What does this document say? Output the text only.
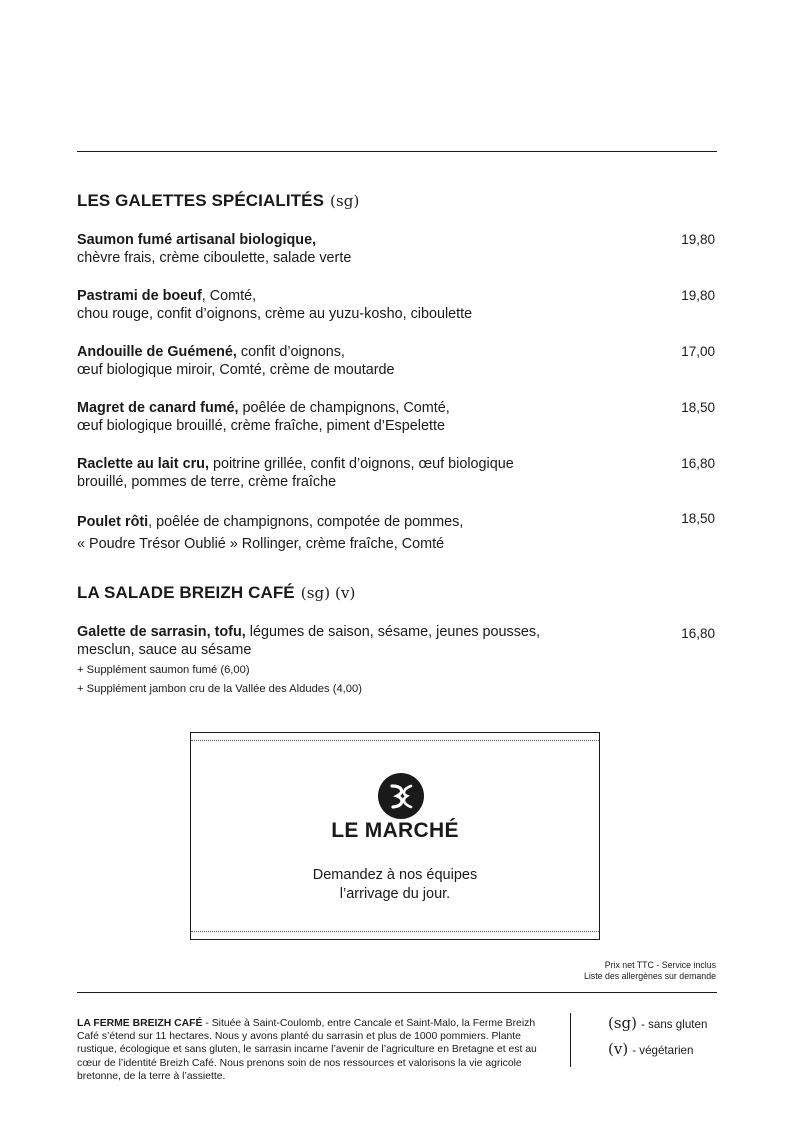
LES GALETTES SPÉCIALITÉS (sg)
Saumon fumé artisanal biologique,
chèvre frais, crème ciboulette, salade verte
19,80
Pastrami de boeuf, Comté,
chou rouge, confit d’oignons, crème au yuzu-kosho, ciboulette
19,80
Andouille de Guémené, confit d’oignons,
œuf biologique miroir, Comté, crème de moutarde
17,00
Magret de canard fumé, poêlée de champignons, Comté,
œuf biologique brouillé, crème fraîche, piment d’Espelette
18,50
Raclette au lait cru, poitrine grillée, confit d’oignons, œuf biologique
brouillé, pommes de terre, crème fraîche
16,80
Poulet rôti, poêlée de champignons, compotée de pommes,
« Poudre Trésor Oublié » Rollinger, crème fraîche, Comté
18,50
LA SALADE BREIZH CAFÉ (sg) (v)
Galette de sarrasin, tofu, légumes de saison, sésame, jeunes pousses,
mesclun, sauce au sésame
+ Supplément saumon fumé (6,00)
+ Supplément jambon cru de la Vallée des Aldudes (4,00)
16,80
LE MARCHÉ
Demandez à nos équipes
l’arrivage du jour.
Prix net TTC - Service inclus
Liste des allergènes sur demande
LA FERME BREIZH CAFÉ - Située à Saint-Coulomb, entre Cancale et Saint-Malo, la Ferme Breizh Café s’étend sur 11 hectares. Nous y avons planté du sarrasin et plus de 1000 pommiers. Plante rustique, écologique et sans gluten, le sarrasin incarne l’avenir de l’agriculture en Bretagne et est au cœur de l’identité Breizh Café. Nous prenons soin de nos ressources et valorisons la vie agricole bretonne, de la terre à l’assiette.
(sg) - sans gluten
(v) - végétarien
